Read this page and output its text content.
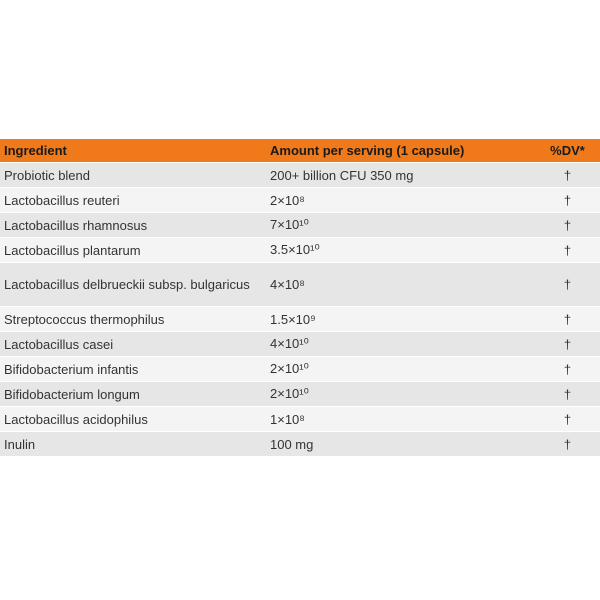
Ingredient	Amount per serving (1 capsule)	%DV*
Probiotic blend	200+ billion CFU 350 mg	†
Lactobacillus reuteri	2×10⁸	†
Lactobacillus rhamnosus	7×10¹⁰	†
Lactobacillus plantarum	3.5×10¹⁰	†
Lactobacillus delbrueckii subsp. bulgaricus	4×10⁸	†
Streptococcus thermophilus	1.5×10⁹	†
Lactobacillus casei	4×10¹⁰	†
Bifidobacterium infantis	2×10¹⁰	†
Bifidobacterium longum	2×10¹⁰	†
Lactobacillus acidophilus	1×10⁸	†
Inulin	100 mg	†
